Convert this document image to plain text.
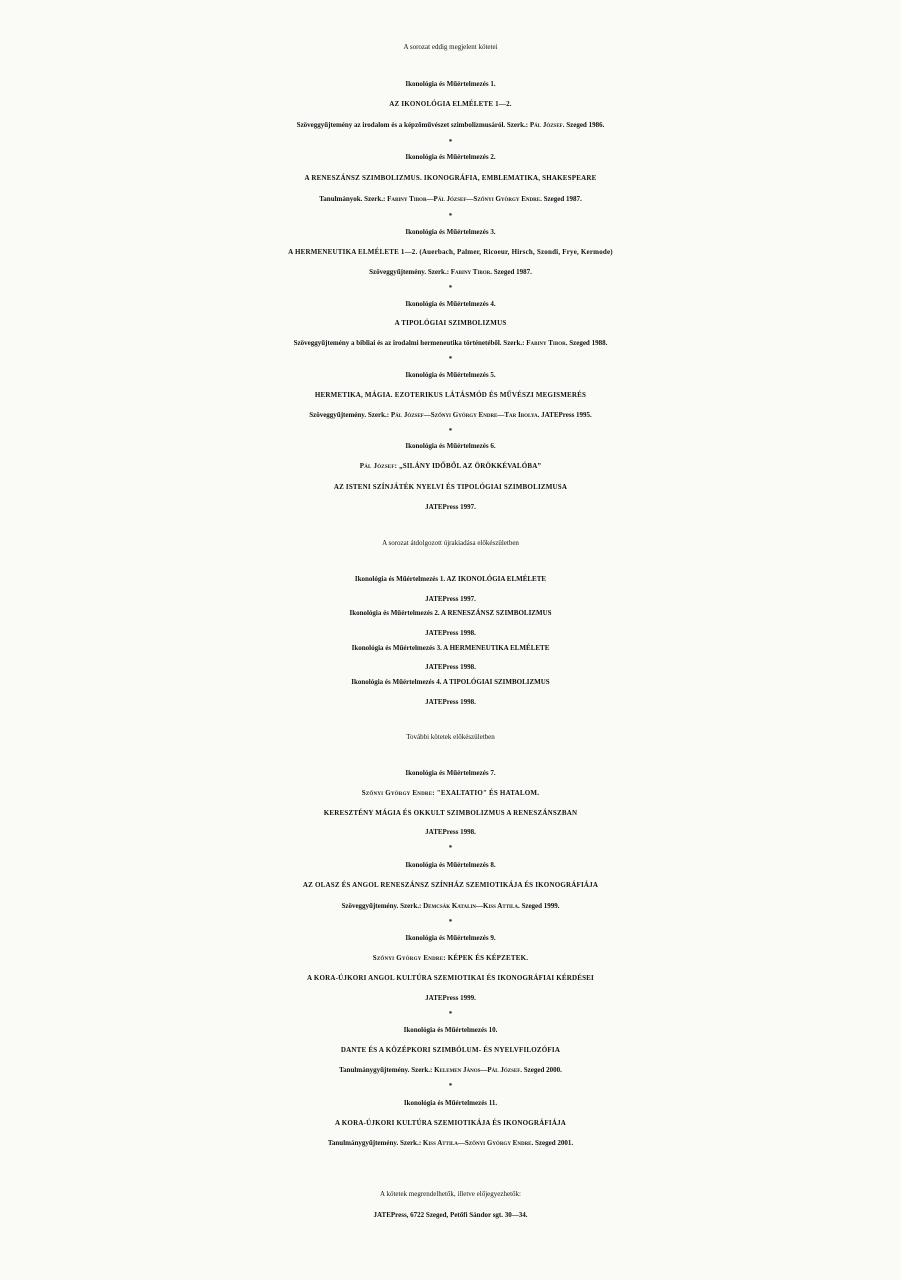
A sorozat eddig megjelent kötetei

Ikonológia és Műértelmezés 1.

AZ IKONOLÓGIA ELMÉLETE 1—2.

Szöveggyűjtemény az irodalom és a képzőművészet szimbolizmusáról. Szerk.: Pál József. Szeged 1986.

*

Ikonológia és Műértelmezés 2.

A RENESZÁNSZ SZIMBOLIZMUS. IKONOGRÁFIA, EMBLEMATIKA, SHAKESPEARE

Tanulmányok. Szerk.: Fabiny Tibor—Pál József—Szőnyi György Endre. Szeged 1987.

*

Ikonológia és Műértelmezés 3.

A HERMENEUTIKA ELMÉLETE 1—2. (Auerbach, Palmer, Ricoeur, Hirsch, Szondi, Frye, Kermode)

Szöveggyűjtemény. Szerk.: Fabiny Tibor. Szeged 1987.

*

Ikonológia és Műértelmezés 4.

A TIPOLÓGIAI SZIMBOLIZMUS

Szöveggyűjtemény a bibliai és az irodalmi hermeneutika történetéből. Szerk.: Fabiny Tibor. Szeged 1988.

*

Ikonológia és Műértelmezés 5.

HERMETIKA, MÁGIA. EZOTERIKUS LÁTÁSMÓD ÉS MŰVÉSZI MEGISMERÉS

Szöveggyűjtemény. Szerk.: Pál József—Szőnyi György Endre—Tar Ibolya. JATEPress 1995.

*

Ikonológia és Műértelmezés 6.

Pál József: „SILÁNY IDŐBŐL AZ ÖRÖKKÉVALÓBA”

AZ ISTENI SZÍNJÁTÉK NYELVI ÉS TIPOLÓGIAI SZIMBOLIZMUSA

JATEPress 1997.

A sorozat átdolgozott újrakiadása előkészületben

Ikonológia és Műértelmezés 1. AZ IKONOLÓGIA ELMÉLETE

JATEPress 1997.

Ikonológia és Műértelmezés 2. A RENESZÁNSZ SZIMBOLIZMUS

JATEPress 1998.

Ikonológia és Műértelmezés 3. A HERMENEUTIKA ELMÉLETE

JATEPress 1998.

Ikonológia és Műértelmezés 4. A TIPOLÓGIAI SZIMBOLIZMUS

JATEPress 1998.

További kötetek előkészületben

Ikonológia és Műértelmezés 7.

Szőnyi György Endre: "EXALTATIO" ÉS HATALOM.

KERESZTÉNY MÁGIA ÉS OKKULT SZIMBOLIZMUS A RENESZÁNSZBAN

JATEPress 1998.

*

Ikonológia és Műértelmezés 8.

AZ OLASZ ÉS ANGOL RENESZÁNSZ SZÍNHÁZ SZEMIOTIKÁJA ÉS IKONOGRÁFIÁJA

Szöveggyűjtemény. Szerk.: Demcsák Katalin—Kiss Attila. Szeged 1999.

*

Ikonológia és Műértelmezés 9.

Szőnyi György Endre: KÉPEK ÉS KÉPZETEK.

A KORA-ÚJKORI ANGOL KULTÚRA SZEMIOTIKAI ÉS IKONOGRÁFIAI KÉRDÉSEI

JATEPress 1999.

*

Ikonológia és Műértelmezés 10.

DANTE ÉS A KÖZÉPKORI SZIMBÓLUM- ÉS NYELVFILOZÓFIA

Tanulmánygyűjtemény. Szerk.: Kelemen János—Pál József. Szeged 2000.

*

Ikonológia és Műértelmezés 11.

A KORA-ÚJKORI KULTÚRA SZEMIOTIKÁJA ÉS IKONOGRÁFIÁJA

Tanulmánygyűjtemény. Szerk.: Kiss Attila—Szőnyi György Endre. Szeged 2001.

A kötetek megrendelhetők, illetve előjegyezhetők:

JATEPress, 6722 Szeged, Petőfi Sándor sgt. 30—34.
